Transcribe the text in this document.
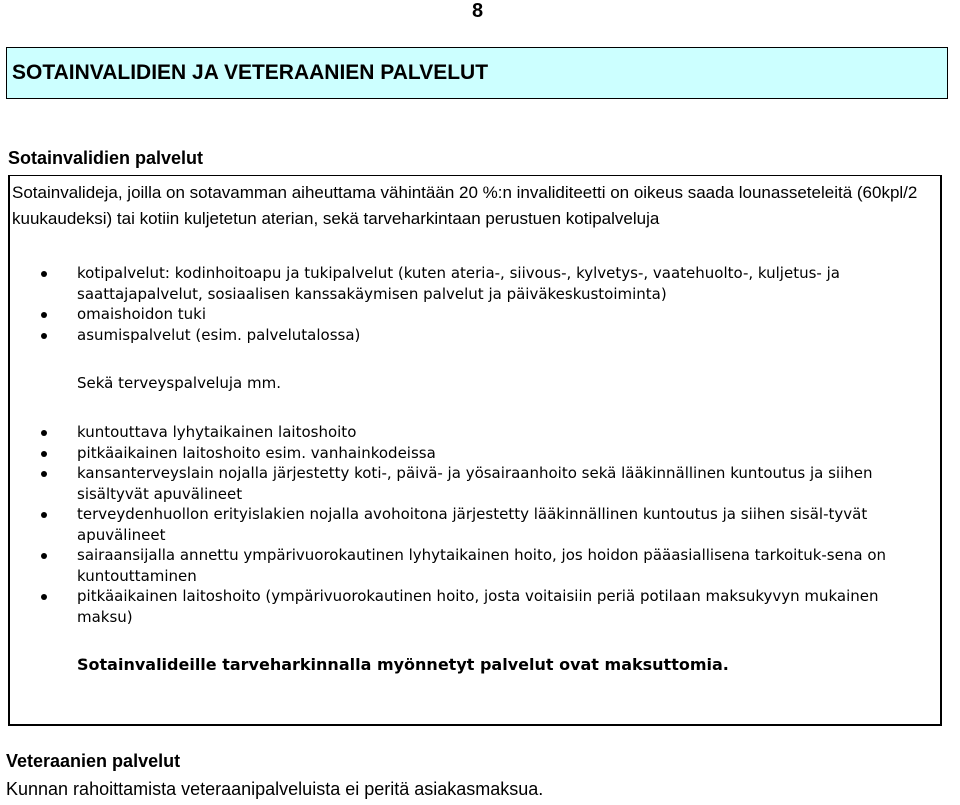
8
SOTAINVALIDIEN JA VETERAANIEN PALVELUT
Sotainvalidien palvelut

Sotainvalideja, joilla on sotavamman aiheuttama vähintään 20 %:n invaliditeetti on oikeus saada lounasseteleitä (60kpl/2 kuukaudeksi) tai kotiin kuljetetun aterian, sekä tarveharkintaan perustuen kotipalveluja

kotipalvelut: kodinhoitoapu ja tukipalvelut (kuten ateria-, siivous-, kylvetys-, vaatehuolto-, kuljetus- ja saattajapalvelut, sosiaalisen kanssakäymisen palvelut ja päiväkeskustoiminta)
omaishoidon tuki
asumispalvelut (esim. palvelutalossa)

Sekä terveyspalveluja mm.

kuntouttava lyhytaikainen laitoshoito
pitkäaikainen laitoshoito esim. vanhainkodeissa
kansanterveyslain nojalla järjestetty koti-, päivä- ja yösairaanhoito sekä lääkinnällinen kuntoutus ja siihen sisältyvät apuvälineet
terveydenhuollon erityislakien nojalla avohoitona järjestetty lääkinnällinen kuntoutus ja siihen sisäl-tyvät apuvälineet
sairaansijalla annettu ympärivuorokautinen lyhytaikainen hoito, jos hoidon pääasiallisena tarkoituk-sena on kuntouttaminen
pitkäaikainen laitoshoito (ympärivuorokautinen hoito, josta voitaisiin periä potilaan maksukyvyn mukainen maksu)

Sotainvalideille tarveharkinnalla myönnetyt palvelut ovat maksuttomia.

Veteraanien palvelut

Kunnan rahoittamista veteraanipalveluista ei peritä asiakasmaksua.
